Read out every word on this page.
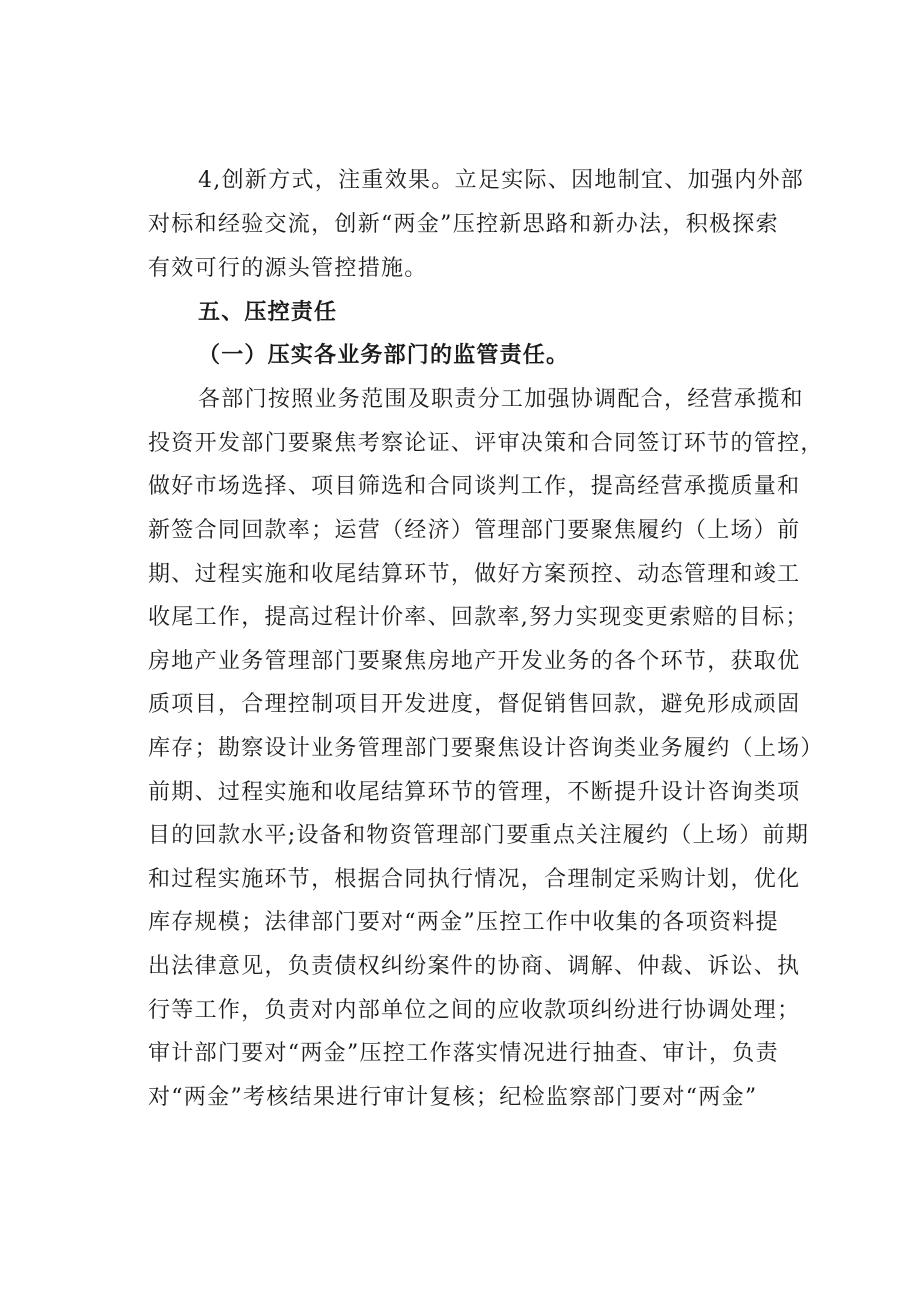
4,创新方式，注重效果。立足实际、因地制宜、加强内外部
对标和经验交流，创新“两金”压控新思路和新办法，积极探索
有效可行的源头管控措施。
五、压控责任
（一）压实各业务部门的监管责任。
各部门按照业务范围及职责分工加强协调配合，经营承揽和
投资开发部门要聚焦考察论证、评审决策和合同签订环节的管控，
做好市场选择、项目筛选和合同谈判工作，提高经营承揽质量和
新签合同回款率；运营（经济）管理部门要聚焦履约（上场）前
期、过程实施和收尾结算环节，做好方案预控、动态管理和竣工
收尾工作，提高过程计价率、回款率,努力实现变更索赔的目标；
房地产业务管理部门要聚焦房地产开发业务的各个环节，获取优
质项目，合理控制项目开发进度，督促销售回款，避免形成顽固
库存；勘察设计业务管理部门要聚焦设计咨询类业务履约（上场）
前期、过程实施和收尾结算环节的管理，不断提升设计咨询类项
目的回款水平;设备和物资管理部门要重点关注履约（上场）前期
和过程实施环节，根据合同执行情况，合理制定采购计划，优化
库存规模；法律部门要对“两金”压控工作中收集的各项资料提
出法律意见，负责债权纠纷案件的协商、调解、仲裁、诉讼、执
行等工作，负责对内部单位之间的应收款项纠纷进行协调处理；
审计部门要对“两金”压控工作落实情况进行抽查、审计，负责
对“两金”考核结果进行审计复核；纪检监察部门要对“两金”
